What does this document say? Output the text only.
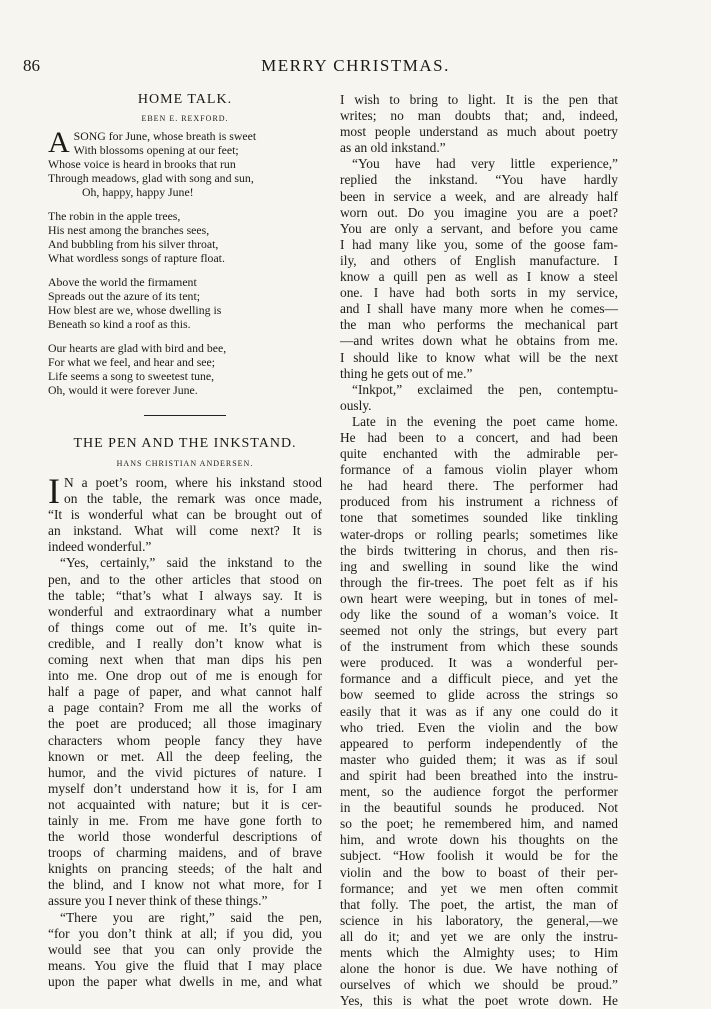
86	MERRY CHRISTMAS.
HOME TALK.
EBEN E. REXFORD.
A SONG for June, whose breath is sweet
With blossoms opening at our feet;
Whose voice is heard in brooks that run
Through meadows, glad with song and sun,
Oh, happy, happy June!
The robin in the apple trees,
His nest among the branches sees,
And bubbling from his silver throat,
What wordless songs of rapture float.
Above the world the firmament
Spreads out the azure of its tent;
How blest are we, whose dwelling is
Beneath so kind a roof as this.
Our hearts are glad with bird and bee,
For what we feel, and hear and see;
Life seems a song to sweetest tune,
Oh, would it were forever June.
THE PEN AND THE INKSTAND.
HANS CHRISTIAN ANDERSEN.
I N a poet’s room, where his inkstand stood
on the table, the remark was once made,
“It is wonderful what can be brought out of
an inkstand. What will come next? It is
indeed wonderful.”
“Yes, certainly,” said the inkstand to the
pen, and to the other articles that stood on
the table; “that’s what I always say. It is
wonderful and extraordinary what a number
of things come out of me. It’s quite in-
credible, and I really don’t know what is
coming next when that man dips his pen
into me. One drop out of me is enough for
half a page of paper, and what cannot half
a page contain? From me all the works of
the poet are produced; all those imaginary
characters whom people fancy they have
known or met. All the deep feeling, the
humor, and the vivid pictures of nature. I
myself don’t understand how it is, for I am
not acquainted with nature; but it is cer-
tainly in me. From me have gone forth to
the world those wonderful descriptions of
troops of charming maidens, and of brave
knights on prancing steeds; of the halt and
the blind, and I know not what more, for I
assure you I never think of these things.”
“There you are right,” said the pen,
“for you don’t think at all; if you did, you
would see that you can only provide the
means. You give the fluid that I may place
upon the paper what dwells in me, and what
I wish to bring to light. It is the pen that
writes; no man doubts that; and, indeed,
most people understand as much about poetry
as an old inkstand.”
“You have had very little experience,”
replied the inkstand. “You have hardly
been in service a week, and are already half
worn out. Do you imagine you are a poet?
You are only a servant, and before you came
I had many like you, some of the goose fam-
ily, and others of English manufacture. I
know a quill pen as well as I know a steel
one. I have had both sorts in my service,
and I shall have many more when he comes—
the man who performs the mechanical part
—and writes down what he obtains from me.
I should like to know what will be the next
thing he gets out of me.”
“Inkpot,” exclaimed the pen, contemptu-
ously.
Late in the evening the poet came home.
He had been to a concert, and had been
quite enchanted with the admirable per-
formance of a famous violin player whom
he had heard there. The performer had
produced from his instrument a richness of
tone that sometimes sounded like tinkling
water-drops or rolling pearls; sometimes like
the birds twittering in chorus, and then ris-
ing and swelling in sound like the wind
through the fir-trees. The poet felt as if his
own heart were weeping, but in tones of mel-
ody like the sound of a woman’s voice. It
seemed not only the strings, but every part
of the instrument from which these sounds
were produced. It was a wonderful per-
formance and a difficult piece, and yet the
bow seemed to glide across the strings so
easily that it was as if any one could do it
who tried. Even the violin and the bow
appeared to perform independently of the
master who guided them; it was as if soul
and spirit had been breathed into the instru-
ment, so the audience forgot the performer
in the beautiful sounds he produced. Not
so the poet; he remembered him, and named
him, and wrote down his thoughts on the
subject. “How foolish it would be for the
violin and the bow to boast of their per-
formance; and yet we men often commit
that folly. The poet, the artist, the man of
science in his laboratory, the general,—we
all do it; and yet we are only the instru-
ments which the Almighty uses; to Him
alone the honor is due. We have nothing of
ourselves of which we should be proud.”
Yes, this is what the poet wrote down. He
